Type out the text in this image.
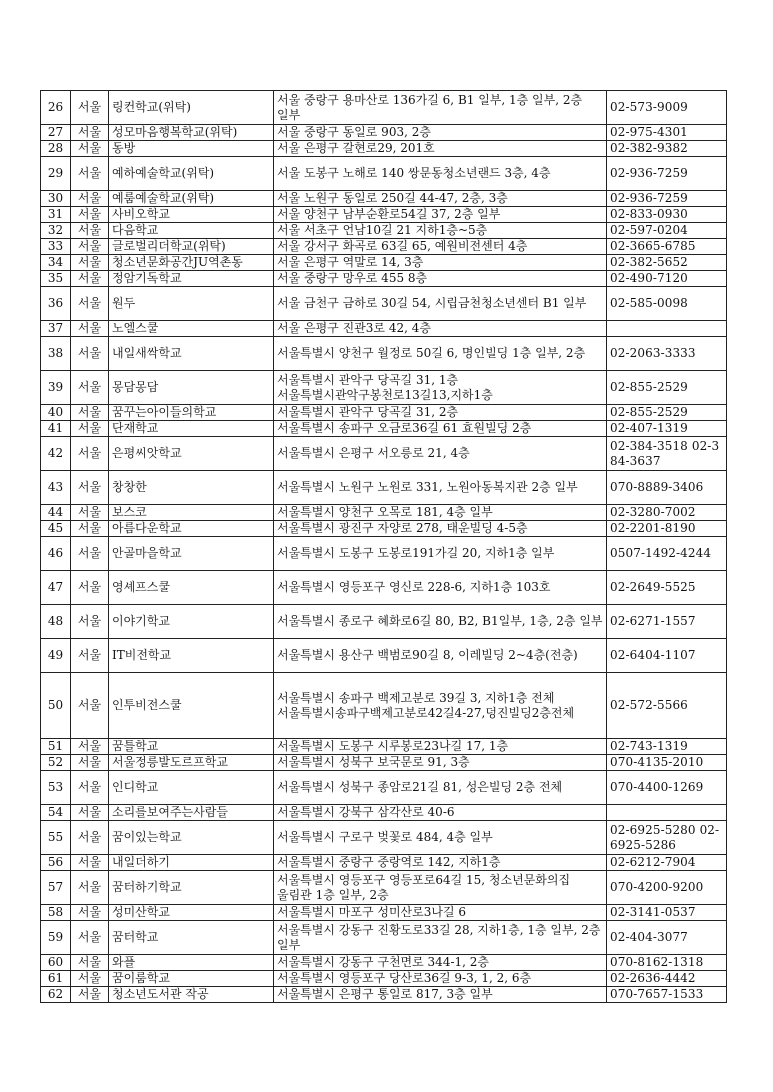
26	서울	링컨학교(위탁)	서울 중랑구 용마산로 136가길 6, B1 일부, 1층 일부, 2층 일부	02-573-9009
27	서울	성모마음행복학교(위탁)	서울 중랑구 동일로 903, 2층	02-975-4301
28	서울	동방	서울 은평구 갈현로29, 201호	02-382-9382
29	서울	예하예술학교(위탁)	서울 도봉구 노해로 140 쌍문동청소년랜드 3층, 4층	02-936-7259
30	서울	예룸예술학교(위탁)	서울 노원구 동일로 250길 44-47, 2층, 3층	02-936-7259
31	서울	사비오학교	서울 양천구 남부순환로54길 37, 2층 일부	02-833-0930
32	서울	다음학교	서울 서초구 언남10길 21 지하1층~5층	02-597-0204
33	서울	글로벌리더학교(위탁)	서울 강서구 화곡로 63길 65, 예원비전센터 4층	02-3665-6785
34	서울	청소년문화공간JU역촌동	서울 은평구 역말로 14, 3층	02-382-5652
35	서울	정암기독학교	서울 중랑구 망우로 455 8층	02-490-7120
36	서울	원두	서울 금천구 금하로 30길 54, 시립금천청소년센터 B1 일부	02-585-0098
37	서울	노엘스쿨	서울 은평구 진관3로 42, 4층	
38	서울	내일새싹학교	서울특별시 양천구 월정로 50길 6, 명인빌딩 1층 일부, 2층	02-2063-3333
39	서울	몽담몽담	서울특별시 관악구 당곡길 31, 1층 서울특별시관악구봉천로13길13,지하1층	02-855-2529
40	서울	꿈꾸는아이들의학교	서울특별시 관악구 당곡길 31, 2층	02-855-2529
41	서울	단재학교	서울특별시 송파구 오금로36길 61 효원빌딩 2층	02-407-1319
42	서울	은평씨앗학교	서울특별시 은평구 서오릉로 21, 4층	02-384-3518 02-384-3637
43	서울	창창한	서울특별시 노원구 노원로 331, 노원아동복지관 2층 일부	070-8889-3406
44	서울	보스코	서울특별시 양천구 오목로 181, 4층 일부	02-3280-7002
45	서울	아름다운학교	서울특별시 광진구 자양로 278, 태운빌딩 4-5층	02-2201-8190
46	서울	안골마을학교	서울특별시 도봉구 도봉로191가길 20, 지하1층 일부	0507-1492-4244
47	서울	영셰프스쿨	서울특별시 영등포구 영신로 228-6, 지하1층 103호	02-2649-5525
48	서울	이야기학교	서울특별시 종로구 혜화로6길 80, B2, B1일부, 1층, 2층 일부	02-6271-1557
49	서울	IT비전학교	서울특별시 용산구 백범로90길 8, 이레빌딩 2~4층(전층)	02-6404-1107
50	서울	인투비전스쿨	서울특별시 송파구 백제고분로 39길 3, 지하1층 전체 서울특별시송파구백제고분로42길4-27,덩진빌딩2층전체	02-572-5566
51	서울	꿈틀학교	서울특별시 도봉구 시루봉로23나길 17, 1층	02-743-1319
52	서울	서울정릉발도르프학교	서울특별시 성북구 보국문로 91, 3층	070-4135-2010
53	서울	인디학교	서울특별시 성북구 종암로21길 81, 성은빌딩 2층 전체	070-4400-1269
54	서울	소리를보여주는사람들	서울특별시 강북구 삼각산로 40-6	
55	서울	꿈이있는학교	서울특별시 구로구 벚꽃로 484, 4층 일부	02-6925-5280 02-6925-5286
56	서울	내일더하기	서울특별시 중랑구 중랑역로 142, 지하1층	02-6212-7904
57	서울	꿈터하기학교	서울특별시 영등포구 영등포로64길 15, 청소년문화의집 울림관 1층 일부, 2층	070-4200-9200
58	서울	성미산학교	서울특별시 마포구 성미산로3나길 6	02-3141-0537
59	서울	꿈터학교	서울특별시 강동구 진황도로33길 28, 지하1층, 1층 일부, 2층 일부	02-404-3077
60	서울	와플	서울특별시 강동구 구천면로 344-1, 2층	070-8162-1318
61	서울	꿈이룸학교	서울특별시 영등포구 당산로36길 9-3, 1, 2, 6층	02-2636-4442
62	서울	청소년도서관 작공	서울특별시 은평구 통일로 817, 3층 일부	070-7657-1533
